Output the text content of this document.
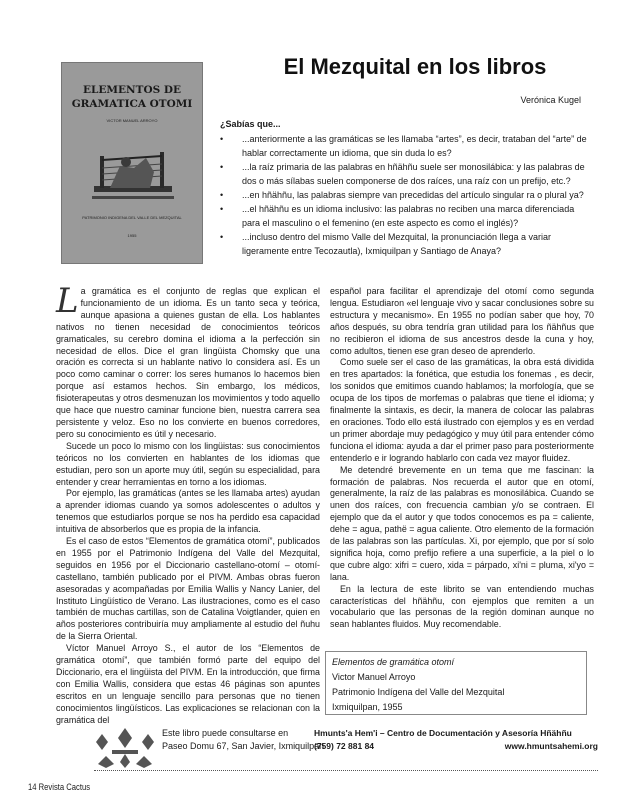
ELEMENTOS DE
GRAMATICA OTOMI
VICTOR MANUEL ARROYO
PATRIMONIO INDIGENA DEL VALLE DEL MEZQUITAL
1955
El Mezquital en los libros
Verónica Kugel
¿Sabías que...
• ...anteriormente a las gramáticas se les llamaba “artes”, es decir, trataban del “arte” de hablar correctamente un idioma, que sin duda lo es?
• ...la raíz primaria de las palabras en hñähñu suele ser monosilábica: y las palabras de dos o más sílabas suelen componerse de dos raíces, una raíz con un prefijo, etc.?
• ...en hñähñu, las palabras siempre van precedidas del artículo singular ra o plural ya?
• ...el hñähñu es un idioma inclusivo: las palabras no reciben una marca diferenciada para el masculino o el femenino (en este aspecto es como el inglés)?
• ...incluso dentro del mismo Valle del Mezquital, la pronunciación llega a variar ligeramente entre Tecozautla), Ixmiquilpan y Santiago de Anaya?

La gramática es el conjunto de reglas que explican el funcionamiento de un idioma. Es un tanto seca y teórica, aunque apasiona a quienes gustan de ella. Los hablantes nativos no tienen necesidad de conocimientos teóricos gramaticales, su cerebro domina el idioma a la perfección sin necesidad de ellos. Dice el gran lingüista Chomsky que una oración es correcta si un hablante nativo lo considera así. Es un poco como caminar o correr: los seres humanos lo hacemos bien porque así estamos hechos. Sin embargo, los médicos, fisioterapeutas y otros desmenuzan los movimientos y todo aquello que hace que nuestro caminar funcione bien, nuestra carrera sea persistente y veloz. Eso no los convierte en buenos corredores, pero su conocimiento es útil y necesario.

Sucede un poco lo mismo con los lingüistas: sus conocimientos teóricos no los convierten en hablantes de los idiomas que estudian, pero son un aporte muy útil, según su especialidad, para entender y crear herramientas en torno a los idiomas.

Por ejemplo, las gramáticas (antes se les llamaba artes) ayudan a aprender idiomas cuando ya somos adolescentes o adultos y tenemos que estudiarlos porque se nos ha perdido esa capacidad intuitiva de absorberlos que es propia de la infancia.

Es el caso de estos “Elementos de gramática otomí”, publicados en 1955 por el Patrimonio Indígena del Valle del Mezquital, seguidos en 1956 por el Diccionario castellano-otomí – otomí-castellano, también publicado por el PIVM. Ambas obras fueron asesoradas y acompañadas por Emilia Wallis y Nancy Lanier, del Instituto Lingüístico de Verano. Las ilustraciones, como es el caso también de muchas cartillas, son de Catalina Voigtlander, quien en años posteriores contribuiría muy ampliamente al estudio del ñuhu de la Sierra Oriental.

Víctor Manuel Arroyo S., el autor de los “Elementos de gramática otomí”, que también formó parte del equipo del Diccionario, era el lingüista del PIVM. En la introducción, que firma con Emilia Wallis, considera que estas 46 páginas son apuntes escritos en un lenguaje sencillo para personas que no tienen conocimientos lingüísticos. Las explicaciones se relacionan con la gramática del

español para facilitar el aprendizaje del otomí como segunda lengua. Estudiaron «el lenguaje vivo y sacar conclusiones sobre su estructura y mecanismo». En 1955 no podían saber que hoy, 70 años después, su obra tendría gran utilidad para los ñähñus que no recibieron el idioma de sus ancestros desde la cuna y hoy, como adultos, tienen ese gran deseo de aprenderlo.

Como suele ser el caso de las gramáticas, la obra está dividida en tres apartados: la fonética, que estudia los fonemas , es decir, los sonidos que emitimos cuando hablamos; la morfología, que se ocupa de los tipos de morfemas o palabras que tiene el idioma; y finalmente la sintaxis, es decir, la manera de colocar las palabras en oraciones. Todo ello está ilustrado con ejemplos y es en verdad un primer abordaje muy pedagógico y muy útil para entender cómo funciona el idioma: ayuda a dar el primer paso para posteriormente entenderlo e ir logrando hablarlo con cada vez mayor fluidez.

Me detendré brevemente en un tema que me fascinan: la formación de palabras. Nos recuerda el autor que en otomí, generalmente, la raíz de las palabras es monosilábica. Cuando se unen dos raíces, con frecuencia cambian y/o se contraen. El ejemplo que da el autor y que todos conocemos es pa = caliente, dehe = agua, pathë = agua caliente. Otro elemento de la formación de las palabras son las partículas. Xi, por ejemplo, que por sí solo significa hoja, como prefijo refiere a una superficie, a la piel o lo que cubre algo: xifri = cuero, xida = párpado, xi'ni = pluma, xi'yo = lana.

En la lectura de este librito se van entendiendo muchas características del hñähñu, con ejemplos que remiten a un vocabulario que las personas de la región dominan aunque no sean hablantes fluidos. Muy recomendable.

Elementos de gramática otomí
Victor Manuel Arroyo
Patrimonio Indígena del Valle del Mezquital
Ixmiquilpan, 1955
Este libro puede consultarse en
Paseo Domu 67, San Javier, Ixmiquilpan
Hmunts'a Hem'i – Centro de Documentación y Asesoría Hñähñu
(759) 72 881 84	www.hmuntsahemi.org
14 Revista Cactus
